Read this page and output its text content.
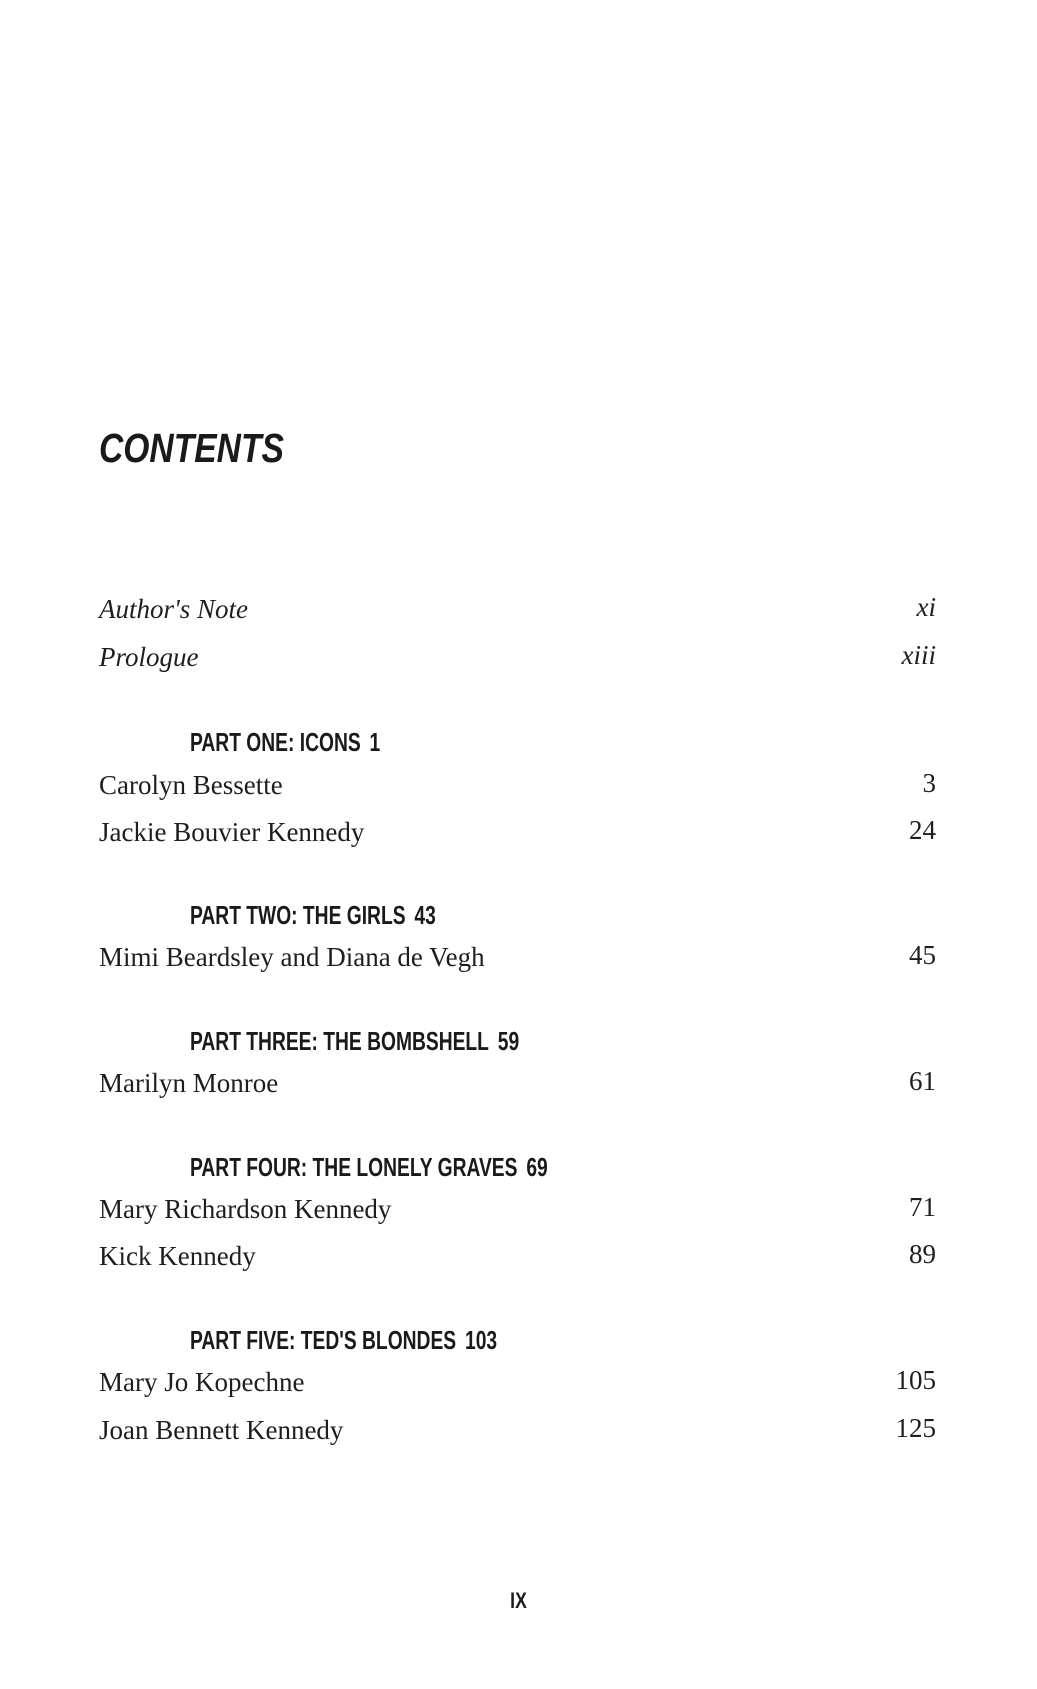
CONTENTS
Author's Note	xi
Prologue	xiii
PART ONE: ICONS 1
Carolyn Bessette	3
Jackie Bouvier Kennedy	24
PART TWO: THE GIRLS 43
Mimi Beardsley and Diana de Vegh	45
PART THREE: THE BOMBSHELL 59
Marilyn Monroe	61
PART FOUR: THE LONELY GRAVES 69
Mary Richardson Kennedy	71
Kick Kennedy	89
PART FIVE: TED'S BLONDES 103
Mary Jo Kopechne	105
Joan Bennett Kennedy	125
IX
